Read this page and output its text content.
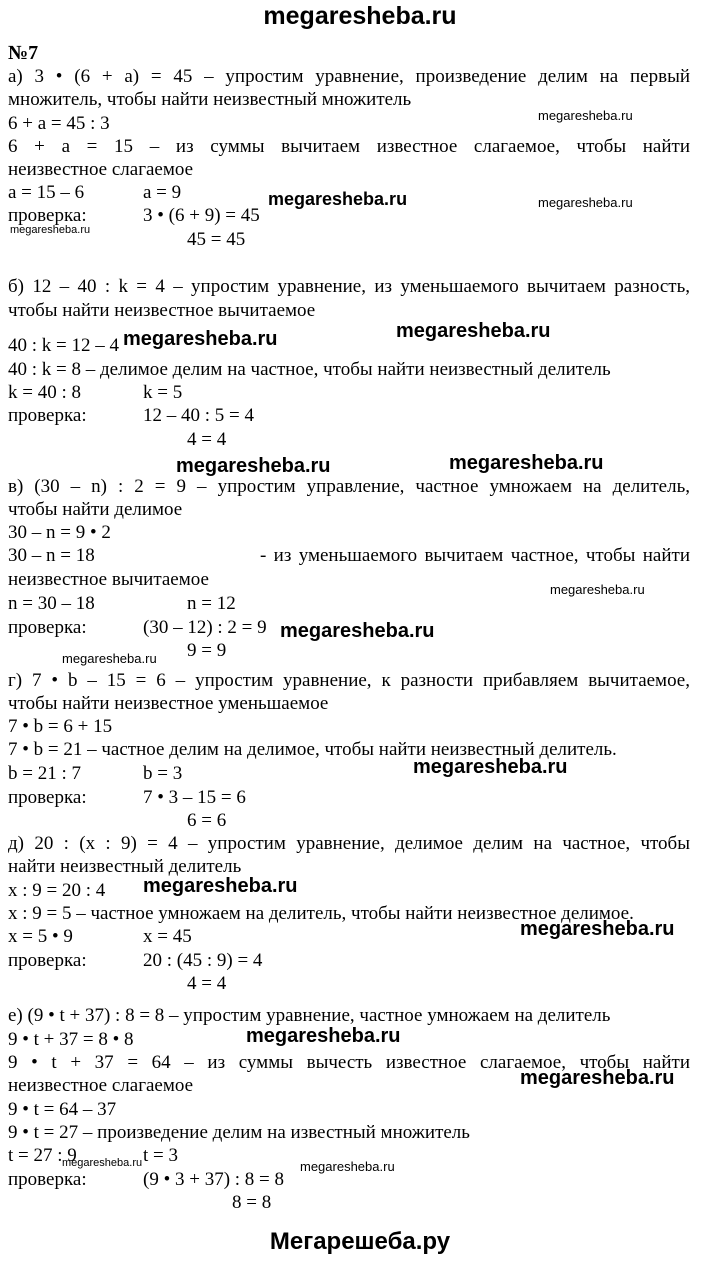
megaresheba.ru
№7
а) 3 • (6 + a) = 45 – упростим уравнение, произведение делим на первый
множитель, чтобы найти неизвестный множитель
6 + a = 45 : 3
6 + a = 15 – из суммы вычитаем известное слагаемое, чтобы найти
неизвестное слагаемое
a = 15 – 6	a = 9
проверка:	3 • (6 + 9) = 45
45 = 45
б) 12 – 40 : k = 4 – упростим уравнение, из уменьшаемого вычитаем разность,
чтобы найти неизвестное вычитаемое
40 : k = 12 – 4
40 : k = 8 – делимое делим на частное, чтобы найти неизвестный делитель
k = 40 : 8	k = 5
проверка:	12 – 40 : 5 = 4
4 = 4
в) (30 – n) : 2 = 9 – упростим управление, частное умножаем на делитель,
чтобы найти делимое
30 – n = 9 • 2
30 – n = 18	- из уменьшаемого вычитаем частное, чтобы найти
неизвестное вычитаемое
n = 30 – 18	n = 12
проверка:	(30 – 12) : 2 = 9
9 = 9
г) 7 • b – 15 = 6 – упростим уравнение, к разности прибавляем вычитаемое,
чтобы найти неизвестное уменьшаемое
7 • b = 6 + 15
7 • b = 21 – частное делим на делимое, чтобы найти неизвестный делитель.
b = 21 : 7	b = 3
проверка:	7 • 3 – 15 = 6
6 = 6
д) 20 : (x : 9) = 4 – упростим уравнение, делимое делим на частное, чтобы
найти неизвестный делитель
x : 9 = 20 : 4
x : 9 = 5 – частное умножаем на делитель, чтобы найти неизвестное делимое.
x = 5 • 9	x = 45
проверка:	20 : (45 : 9) = 4
4 = 4
е) (9 • t + 37) : 8 = 8 – упростим уравнение, частное умножаем на делитель
9 • t + 37 = 8 • 8
9 • t + 37 = 64 – из суммы вычесть известное слагаемое, чтобы найти
неизвестное слагаемое
9 • t = 64 – 37
9 • t = 27 – произведение делим на известный множитель
t = 27 : 9	t = 3
проверка:	(9 • 3 + 37) : 8 = 8
8 = 8
megaresheba.ru
megaresheba.ru	megaresheba.ru
megaresheba.ru
megaresheba.ru	megaresheba.ru
megaresheba.ru	megaresheba.ru
megaresheba.ru
megaresheba.ru
megaresheba.ru
megaresheba.ru
megaresheba.ru
megaresheba.ru
megaresheba.ru
megaresheba.ru
megaresheba.ru	megaresheba.ru
Мегарешеба.ру
